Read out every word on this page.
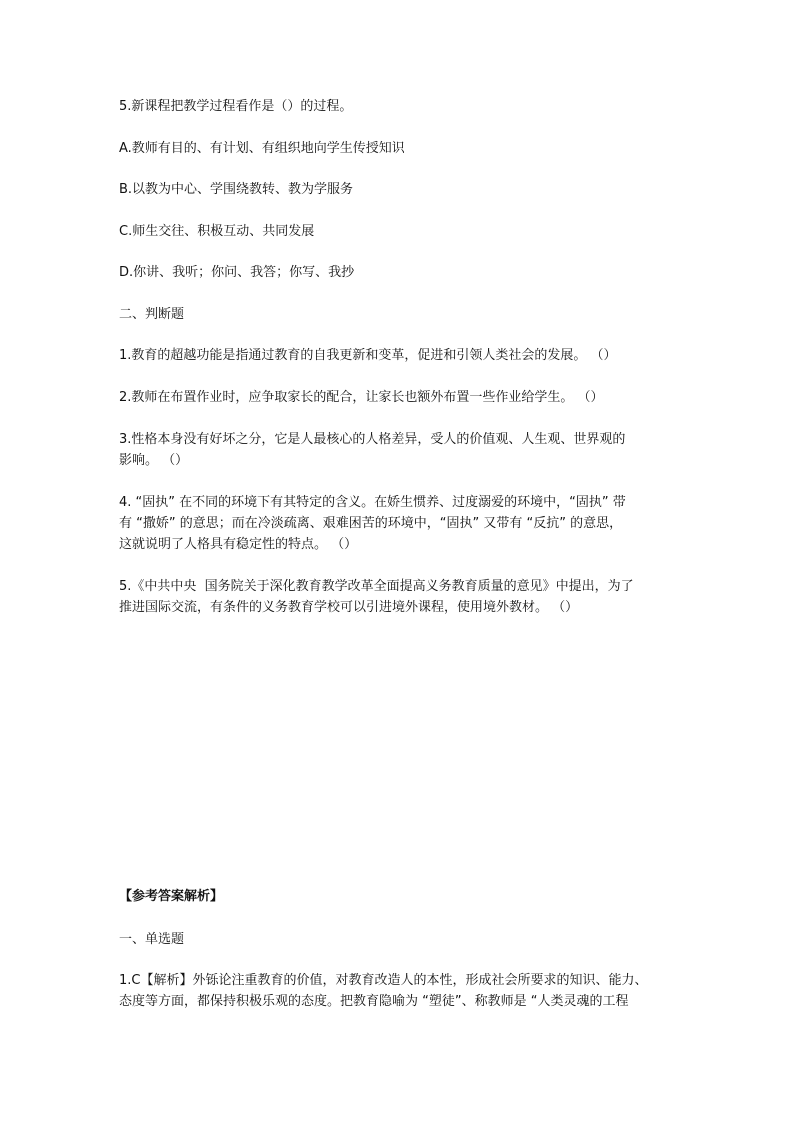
5.新课程把教学过程看作是（）的过程。
A.教师有目的、有计划、有组织地向学生传授知识
B.以教为中心、学围绕教转、教为学服务
C.师生交往、积极互动、共同发展
D.你讲、我听；你问、我答；你写、我抄
二、判断题
1.教育的超越功能是指通过教育的自我更新和变革，促进和引领人类社会的发展。 （）
2.教师在布置作业时，应争取家长的配合，让家长也额外布置一些作业给学生。 （）
3.性格本身没有好坏之分，它是人最核心的人格差异，受人的价值观、人生观、世界观的
影响。 （）
4. “固执” 在不同的环境下有其特定的含义。在娇生惯养、过度溺爱的环境中，“固执” 带
有 “撒娇” 的意思；而在冷淡疏离、艰难困苦的环境中，“固执” 又带有 “反抗” 的意思，
这就说明了人格具有稳定性的特点。 （）
5.《中共中央  国务院关于深化教育教学改革全面提高义务教育质量的意见》中提出，为了
推进国际交流，有条件的义务教育学校可以引进境外课程，使用境外教材。 （）
【参考答案解析】
一、单选题
1.C【解析】外铄论注重教育的价值，对教育改造人的本性，形成社会所要求的知识、能力、
态度等方面，都保持积极乐观的态度。把教育隐喻为 “塑徒”、称教师是 “人类灵魂的工程
